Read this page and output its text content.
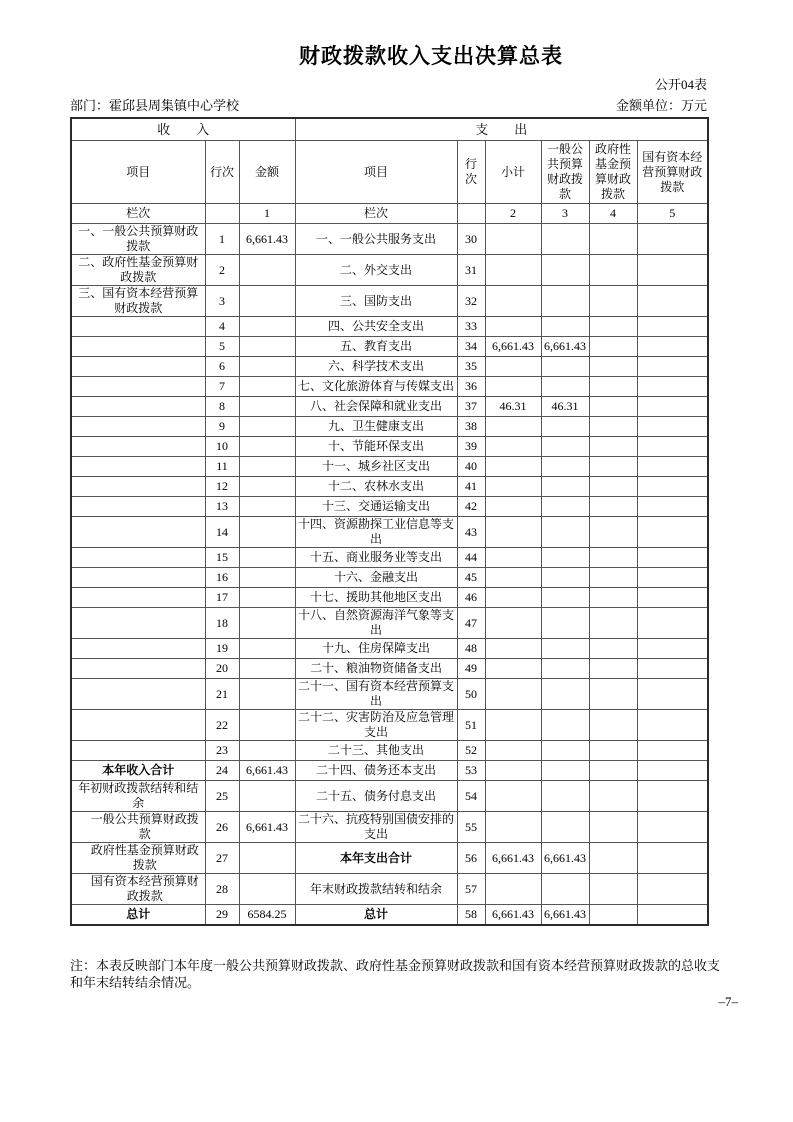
财政拨款收入支出决算总表
公开04表
部门：霍邱县周集镇中心学校	金额单位：万元
收　　入			支　　出					
项目	行次	金额	项目	行次	小计	一般公共预算财政拨款	政府性基金预算财政拨款	国有资本经营预算财政拨款
栏次		1	栏次		2	3	4	5
一、一般公共预算财政拨款	1	6,661.43	一、一般公共服务支出	30				
二、政府性基金预算财政拨款	2		二、外交支出	31				
三、国有资本经营预算财政拨款	3		三、国防支出	32				
	4		四、公共安全支出	33				
	5		五、教育支出	34	6,661.43	6,661.43		
	6		六、科学技术支出	35				
	7		七、文化旅游体育与传媒支出	36				
	8		八、社会保障和就业支出	37	46.31	46.31		
	9		九、卫生健康支出	38				
	10		十、节能环保支出	39				
	11		十一、城乡社区支出	40				
	12		十二、农林水支出	41				
	13		十三、交通运输支出	42				
	14		十四、资源勘探工业信息等支出	43				
	15		十五、商业服务业等支出	44				
	16		十六、金融支出	45				
	17		十七、援助其他地区支出	46				
	18		十八、自然资源海洋气象等支出	47				
	19		十九、住房保障支出	48				
	20		二十、粮油物资储备支出	49				
	21		二十一、国有资本经营预算支出	50				
	22		二十二、灾害防治及应急管理支出	51				
	23		二十三、其他支出	52				
本年收入合计	24	6,661.43	二十四、债务还本支出	53				
年初财政拨款结转和结余	25		二十五、债务付息支出	54				
一般公共预算财政拨款	26	6,661.43	二十六、抗疫特别国债安排的支出	55				
政府性基金预算财政拨款	27		本年支出合计	56	6,661.43	6,661.43		
国有资本经营预算财政拨款	28		年末财政拨款结转和结余	57				
总计	29	6584.25	总计	58	6,661.43	6,661.43		
注：本表反映部门本年度一般公共预算财政拨款、政府性基金预算财政拨款和国有资本经营预算财政拨款的总收支和年末结转结余情况。
–7–
